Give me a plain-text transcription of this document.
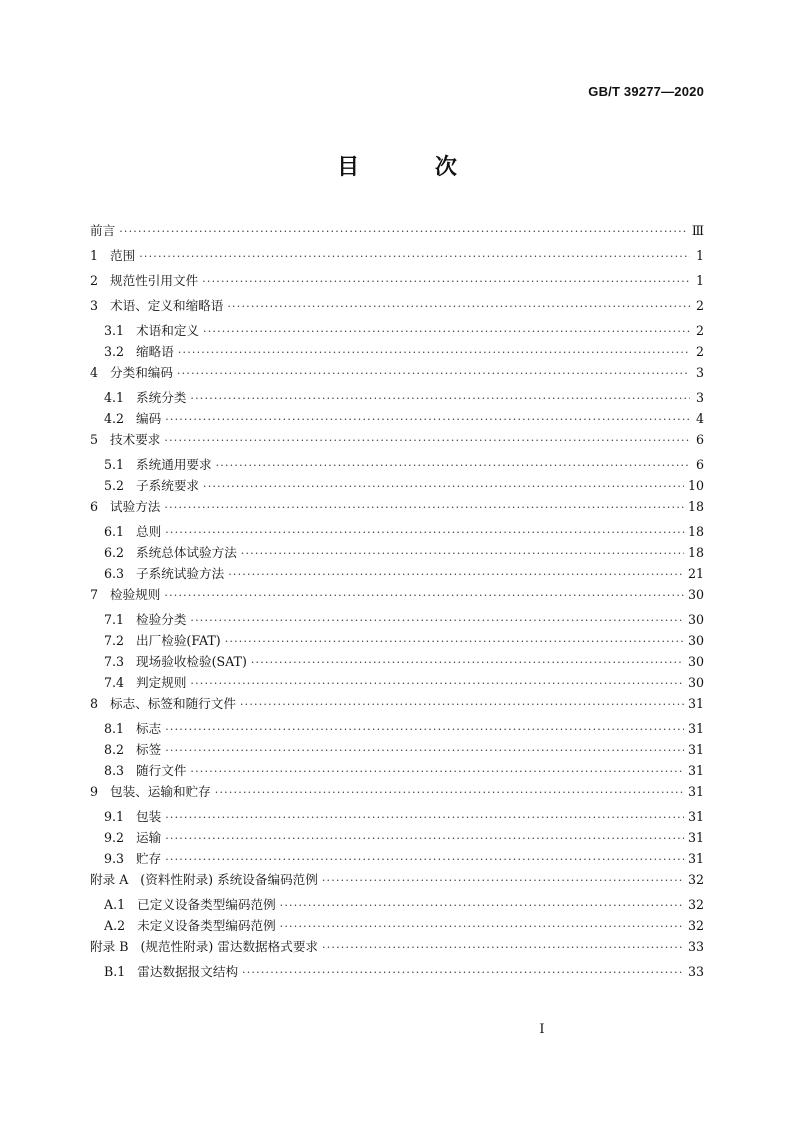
GB/T 39277—2020
目 次
前言 ·····	Ⅲ
1 范围 ·····	1
2 规范性引用文件 ·····	1
3 术语、定义和缩略语 ·····	2
3.1 术语和定义 ·····	2
3.2 缩略语 ·····	2
4 分类和编码 ·····	3
4.1 系统分类 ·····	3
4.2 编码 ·····	4
5 技术要求 ·····	6
5.1 系统通用要求 ·····	6
5.2 子系统要求 ·····	10
6 试验方法 ·····	18
6.1 总则 ·····	18
6.2 系统总体试验方法 ·····	18
6.3 子系统试验方法 ·····	21
7 检验规则 ·····	30
7.1 检验分类 ·····	30
7.2 出厂检验(FAT) ·····	30
7.3 现场验收检验(SAT) ·····	30
7.4 判定规则 ·····	30
8 标志、标签和随行文件 ·····	31
8.1 标志 ·····	31
8.2 标签 ·····	31
8.3 随行文件 ·····	31
9 包装、运输和贮存 ·····	31
9.1 包装 ·····	31
9.2 运输 ·····	31
9.3 贮存 ·····	31
附录 A (资料性附录) 系统设备编码范例 ·····	32
A.1 已定义设备类型编码范例 ·····	32
A.2 未定义设备类型编码范例 ·····	32
附录 B (规范性附录) 雷达数据格式要求 ·····	33
B.1 雷达数据报文结构 ·····	33
I
